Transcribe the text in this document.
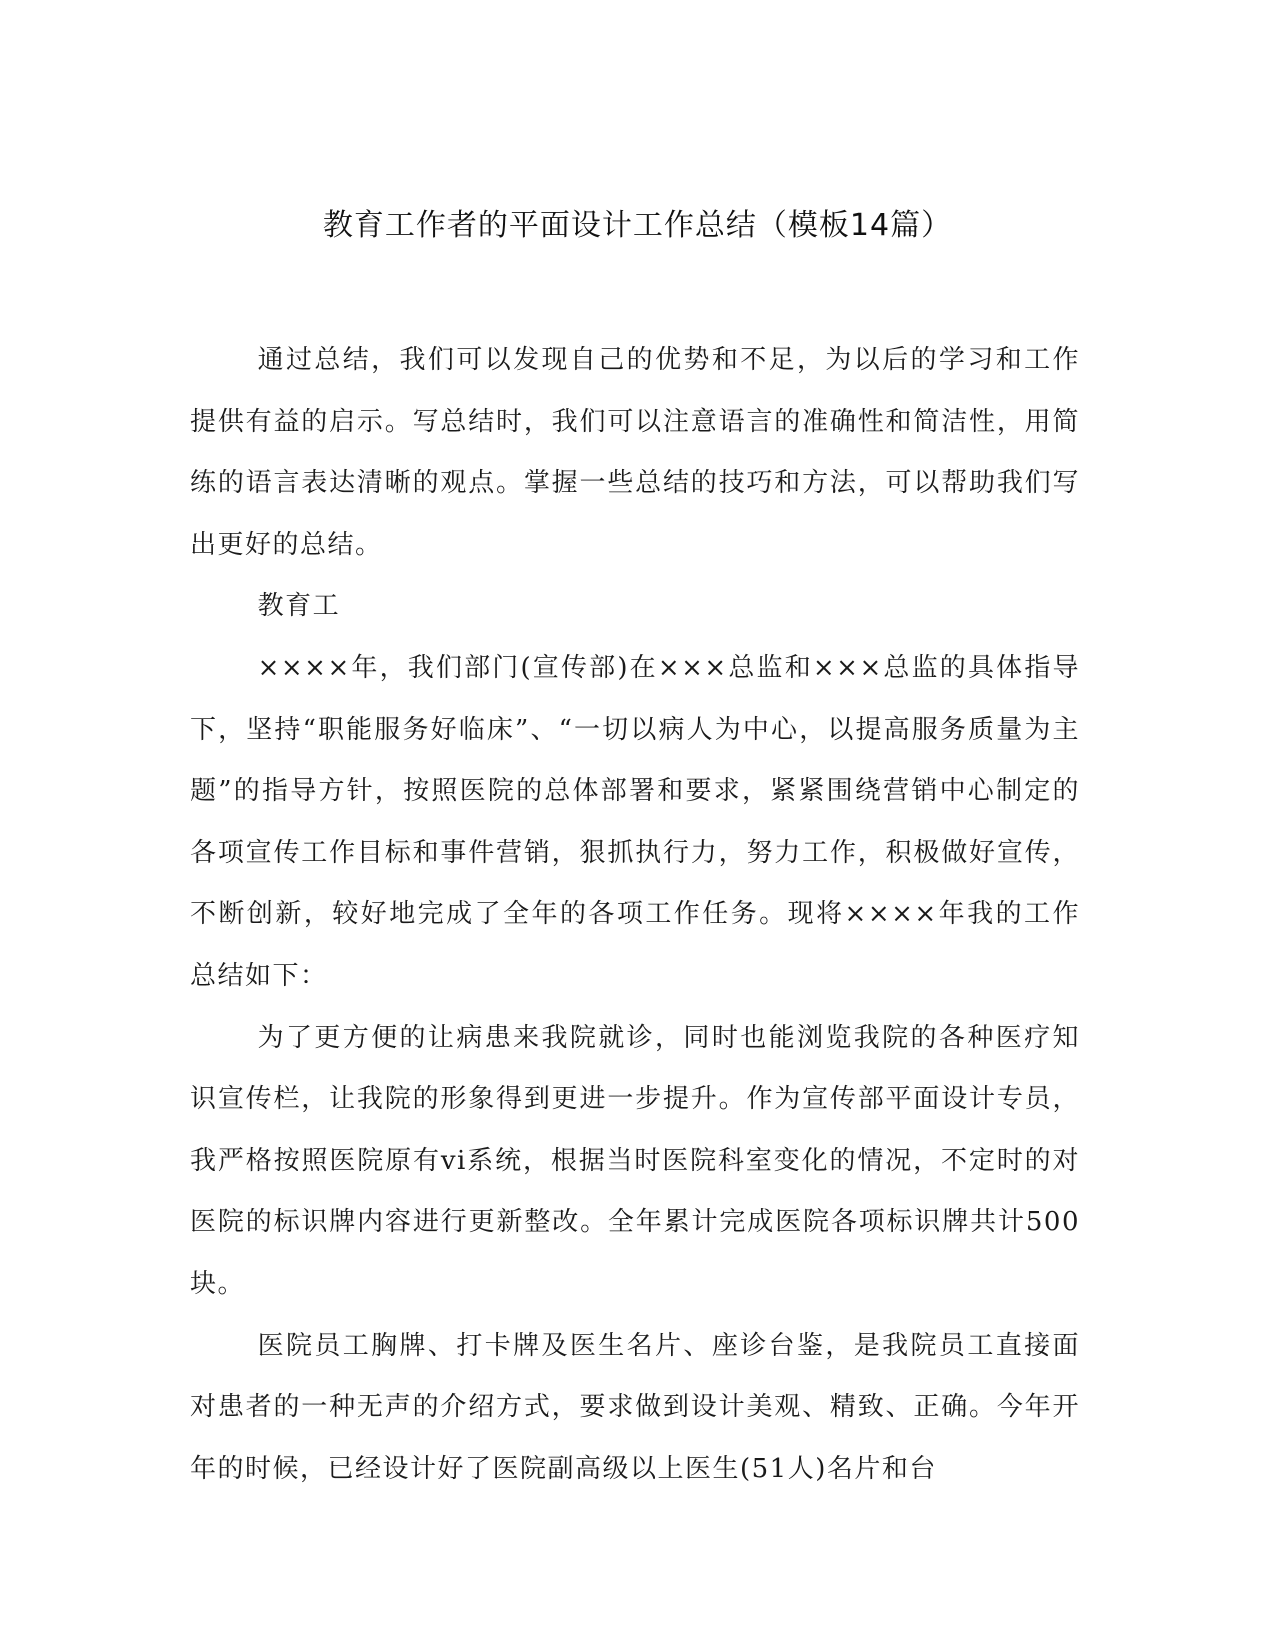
教育工作者的平面设计工作总结（模板14篇）

通过总结，我们可以发现自己的优势和不足，为以后的学习和工作提供有益的启示。写总结时，我们可以注意语言的准确性和简洁性，用简练的语言表达清晰的观点。掌握一些总结的技巧和方法，可以帮助我们写出更好的总结。

教育工

××××年，我们部门(宣传部)在×××总监和×××总监的具体指导下，坚持“职能服务好临床”、“一切以病人为中心，以提高服务质量为主题”的指导方针，按照医院的总体部署和要求，紧紧围绕营销中心制定的各项宣传工作目标和事件营销，狠抓执行力，努力工作，积极做好宣传，不断创新，较好地完成了全年的各项工作任务。现将××××年我的工作总结如下：

为了更方便的让病患来我院就诊，同时也能浏览我院的各种医疗知识宣传栏，让我院的形象得到更进一步提升。作为宣传部平面设计专员，我严格按照医院原有vi系统，根据当时医院科室变化的情况，不定时的对医院的标识牌内容进行更新整改。全年累计完成医院各项标识牌共计500块。

医院员工胸牌、打卡牌及医生名片、座诊台鉴，是我院员工直接面对患者的一种无声的介绍方式，要求做到设计美观、精致、正确。今年开年的时候，已经设计好了医院副高级以上医生(51人)名片和台
